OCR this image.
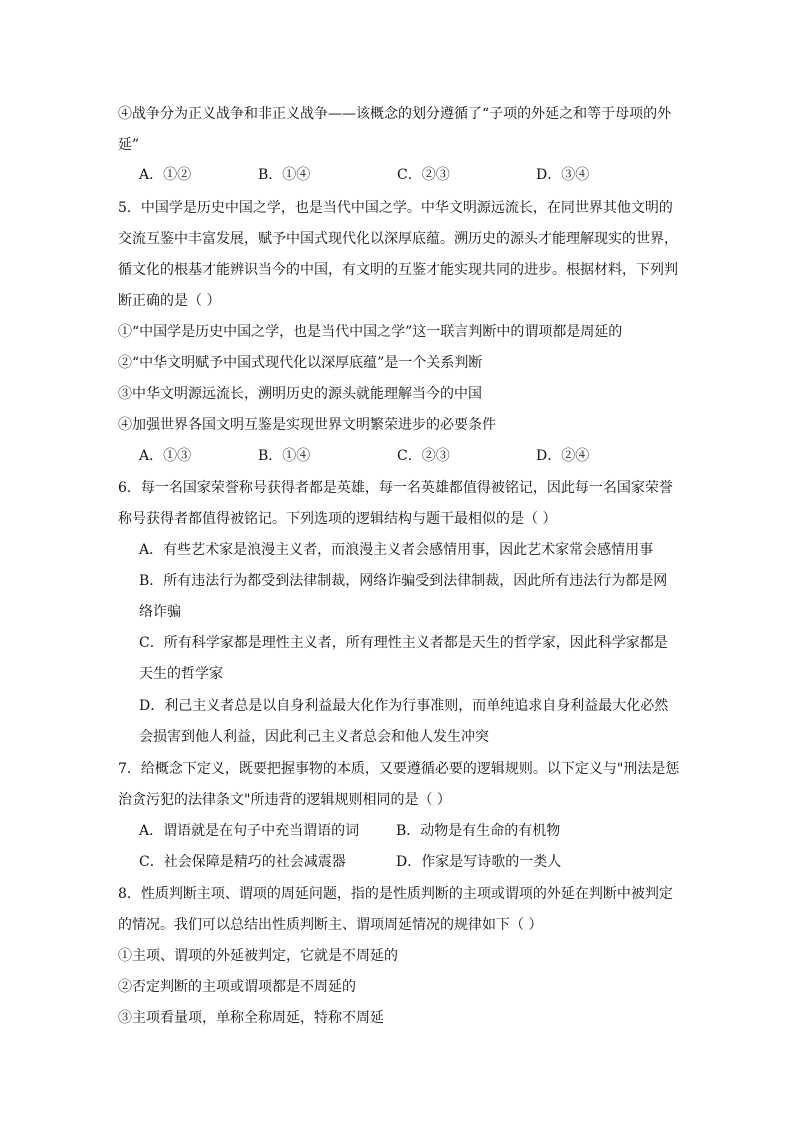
④战争分为正义战争和非正义战争——该概念的划分遵循了“子项的外延之和等于母项的外
延”
A．①②	B．①④	C．②③	D．③④
5．中国学是历史中国之学，也是当代中国之学。中华文明源远流长，在同世界其他文明的
交流互鉴中丰富发展，赋予中国式现代化以深厚底蕴。溯历史的源头才能理解现实的世界，
循文化的根基才能辨识当今的中国，有文明的互鉴才能实现共同的进步。根据材料，下列判
断正确的是（ ）
①“中国学是历史中国之学，也是当代中国之学”这一联言判断中的谓项都是周延的
②“中华文明赋予中国式现代化以深厚底蕴”是一个关系判断
③中华文明源远流长，溯明历史的源头就能理解当今的中国
④加强世界各国文明互鉴是实现世界文明繁荣进步的必要条件
A．①③	B．①④	C．②③	D．②④
6．每一名国家荣誉称号获得者都是英雄，每一名英雄都值得被铭记，因此每一名国家荣誉
称号获得者都值得被铭记。下列选项的逻辑结构与题干最相似的是（ ）
A．有些艺术家是浪漫主义者，而浪漫主义者会感情用事，因此艺术家常会感情用事
B．所有违法行为都受到法律制裁，网络诈骗受到法律制裁，因此所有违法行为都是网
络诈骗
C．所有科学家都是理性主义者，所有理性主义者都是天生的哲学家，因此科学家都是
天生的哲学家
D．利己主义者总是以自身利益最大化作为行事准则，而单纯追求自身利益最大化必然
会损害到他人利益，因此利己主义者总会和他人发生冲突
7．给概念下定义，既要把握事物的本质，又要遵循必要的逻辑规则。以下定义与"刑法是惩
治贪污犯的法律条文"所违背的逻辑规则相同的是（ ）
A．谓语就是在句子中充当谓语的词	B．动物是有生命的有机物
C．社会保障是精巧的社会减震器	D．作家是写诗歌的一类人
8．性质判断主项、谓项的周延问题，指的是性质判断的主项或谓项的外延在判断中被判定
的情况。我们可以总结出性质判断主、谓项周延情况的规律如下（ ）
①主项、谓项的外延被判定，它就是不周延的
②否定判断的主项或谓项都是不周延的
③主项看量项，单称全称周延，特称不周延
